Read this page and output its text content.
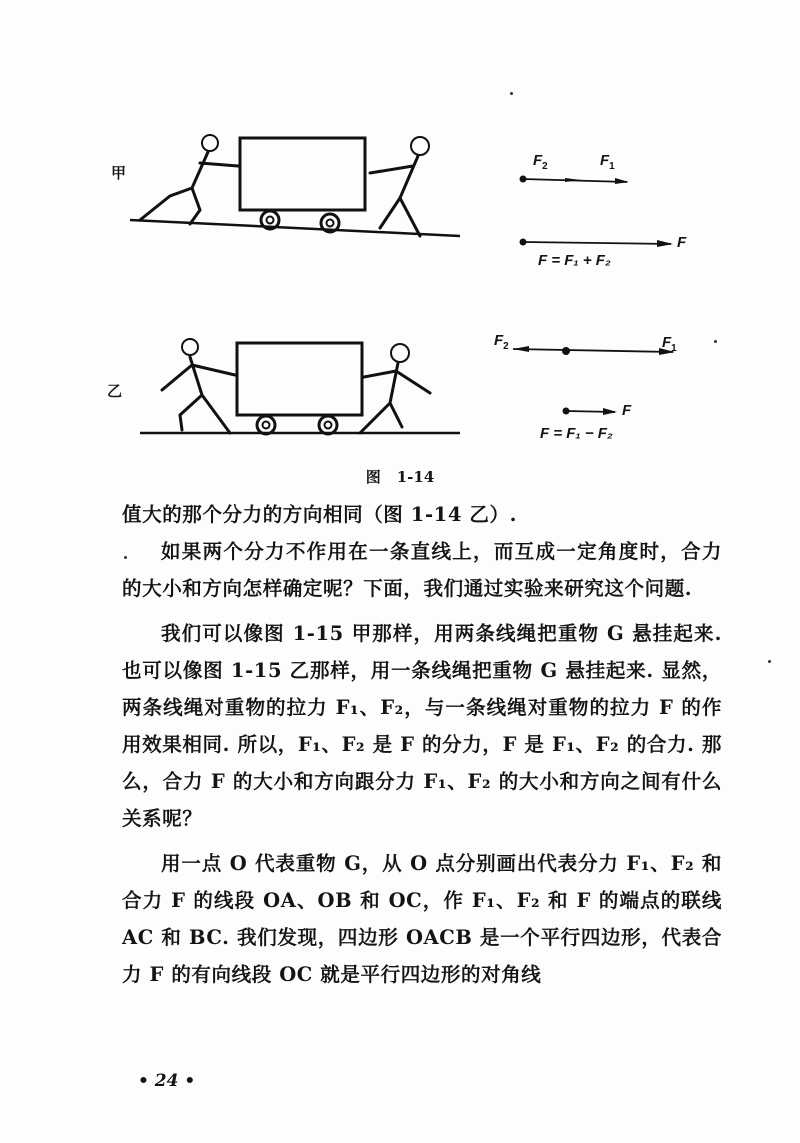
甲
$F_2$	$F_1$
F
F = F₁ + F₂
乙
$F_2$	$F_1$
F
F = F₁ − F₂
图 1-14

值大的那个分力的方向相同（图 1-14 乙）.

如果两个分力不作用在一条直线上，而互成一定角度时，合力的大小和方向怎样确定呢？下面，我们通过实验来研究这个问题.

我们可以像图 1-15 甲那样，用两条线绳把重物 G 悬挂起来. 也可以像图 1-15 乙那样，用一条线绳把重物 G 悬挂起来. 显然，两条线绳对重物的拉力 F₁、F₂，与一条线绳对重物的拉力 F 的作用效果相同. 所以，F₁、F₂ 是 F 的分力，F 是 F₁、F₂ 的合力. 那么，合力 F 的大小和方向跟分力 F₁、F₂ 的大小和方向之间有什么关系呢？

用一点 O 代表重物 G，从 O 点分别画出代表分力 F₁、F₂ 和合力 F 的线段 OA、OB 和 OC，作 F₁、F₂ 和 F 的端点的联线 AC 和 BC. 我们发现，四边形 OACB 是一个平行四边形，代表合力 F 的有向线段 OC 就是平行四边形的对角线

• 24 •
